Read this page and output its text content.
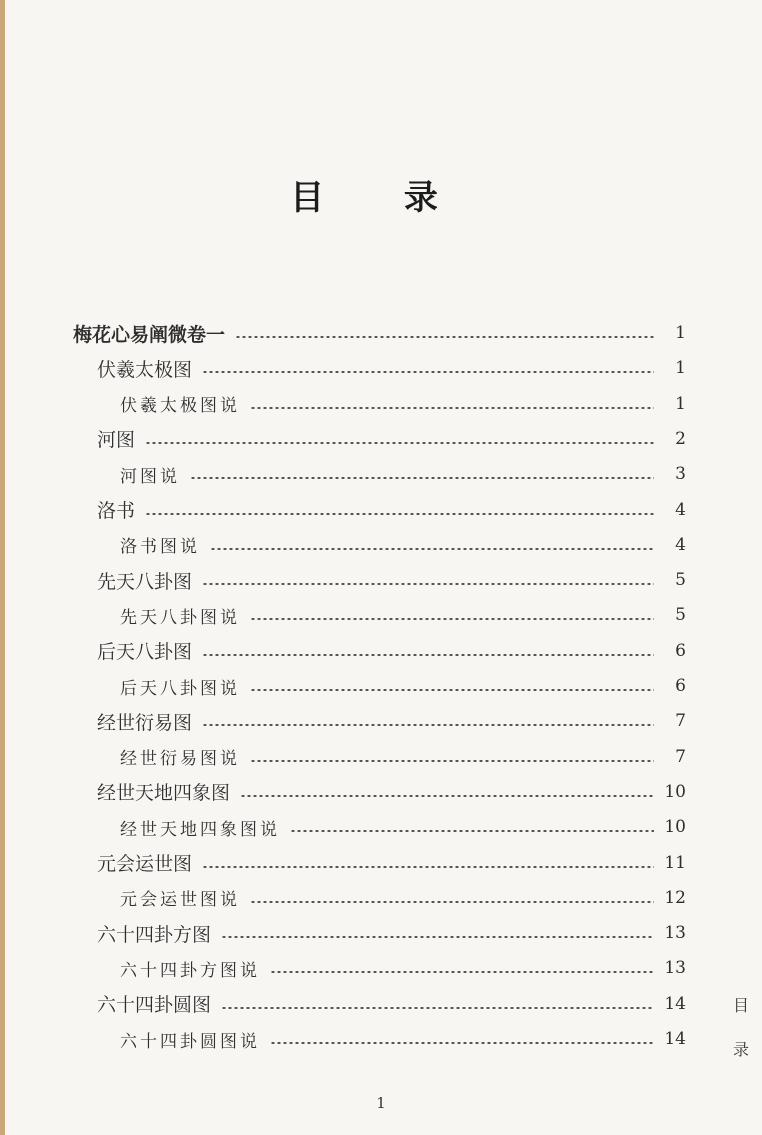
目 录
梅花心易阐微卷一	1
伏羲太极图	1
伏羲太极图说	1
河图	2
河图说	3
洛书	4
洛书图说	4
先天八卦图	5
先天八卦图说	5
后天八卦图	6
后天八卦图说	6
经世衍易图	7
经世衍易图说	7
经世天地四象图	10
经世天地四象图说	10
元会运世图	11
元会运世图说	12
六十四卦方图	13
六十四卦方图说	13
六十四卦圆图	14
六十四卦圆图说	14
目
录
1
